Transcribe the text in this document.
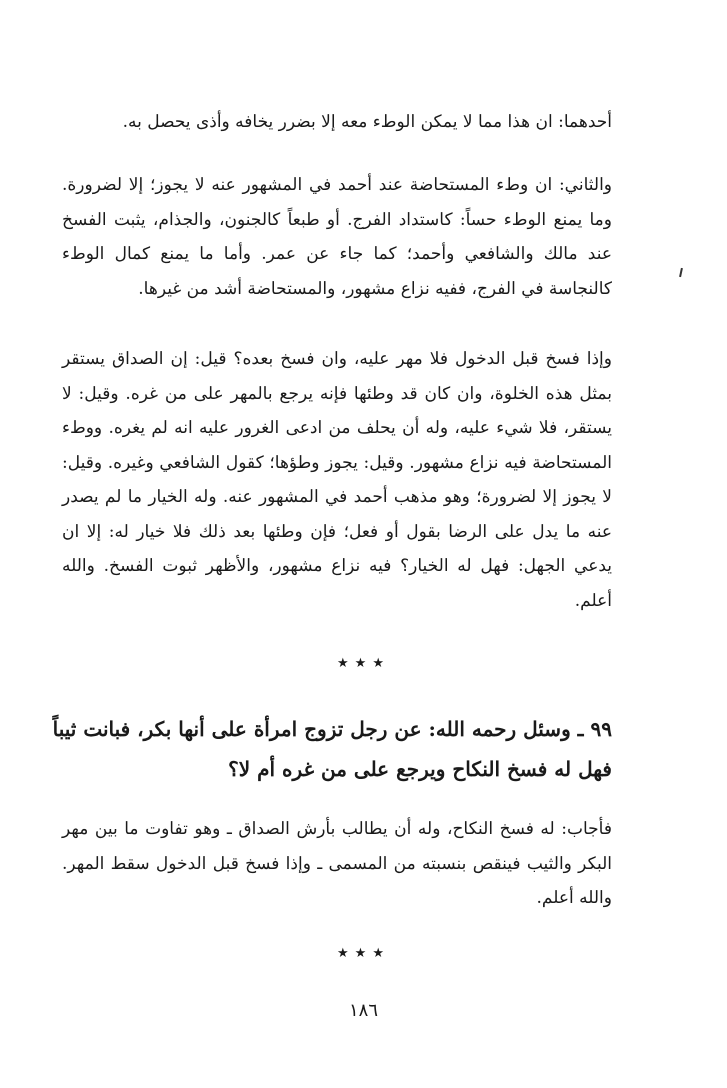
أحدهما: ان هذا مما لا يمكن الوطء معه إلا بضرر يخافه وأذى يحصل به.

والثاني: ان وطء المستحاضة عند أحمد في المشهور عنه لا يجوز؛ إلا لضرورة. وما يمنع الوطء حساً: كاستداد الفرج. أو طبعاً كالجنون، والجذام، يثبت الفسخ عند مالك والشافعي وأحمد؛ كما جاء عن عمر. وأما ما يمنع كمال الوطء كالنجاسة في الفرج، ففيه نزاع مشهور، والمستحاضة أشد من غيرها.

وإذا فسخ قبل الدخول فلا مهر عليه، وان فسخ بعده؟ قيل: إن الصداق يستقر بمثل هذه الخلوة، وان كان قد وطئها فإنه يرجع بالمهر على من غره. وقيل: لا يستقر، فلا شيء عليه، وله أن يحلف من ادعى الغرور عليه انه لم يغره. ووطء المستحاضة فيه نزاع مشهور. وقيل: يجوز وطؤها؛ كقول الشافعي وغيره. وقيل: لا يجوز إلا لضرورة؛ وهو مذهب أحمد في المشهور عنه. وله الخيار ما لم يصدر عنه ما يدل على الرضا بقول أو فعل؛ فإن وطئها بعد ذلك فلا خيار له: إلا ان يدعي الجهل: فهل له الخيار؟ فيه نزاع مشهور، والأظهر ثبوت الفسخ. والله أعلم.

★★★

٩٩ ـ وسئل رحمه الله: عن رجل تزوج امرأة على أنها بكر، فبانت ثيباً فهل له فسخ النكاح ويرجع على من غره أم لا؟

فأجاب: له فسخ النكاح، وله أن يطالب بأرش الصداق ـ وهو تفاوت ما بين مهر البكر والثيب فينقص بنسبته من المسمى ـ وإذا فسخ قبل الدخول سقط المهر. والله أعلم.

★★★
١٨٦
